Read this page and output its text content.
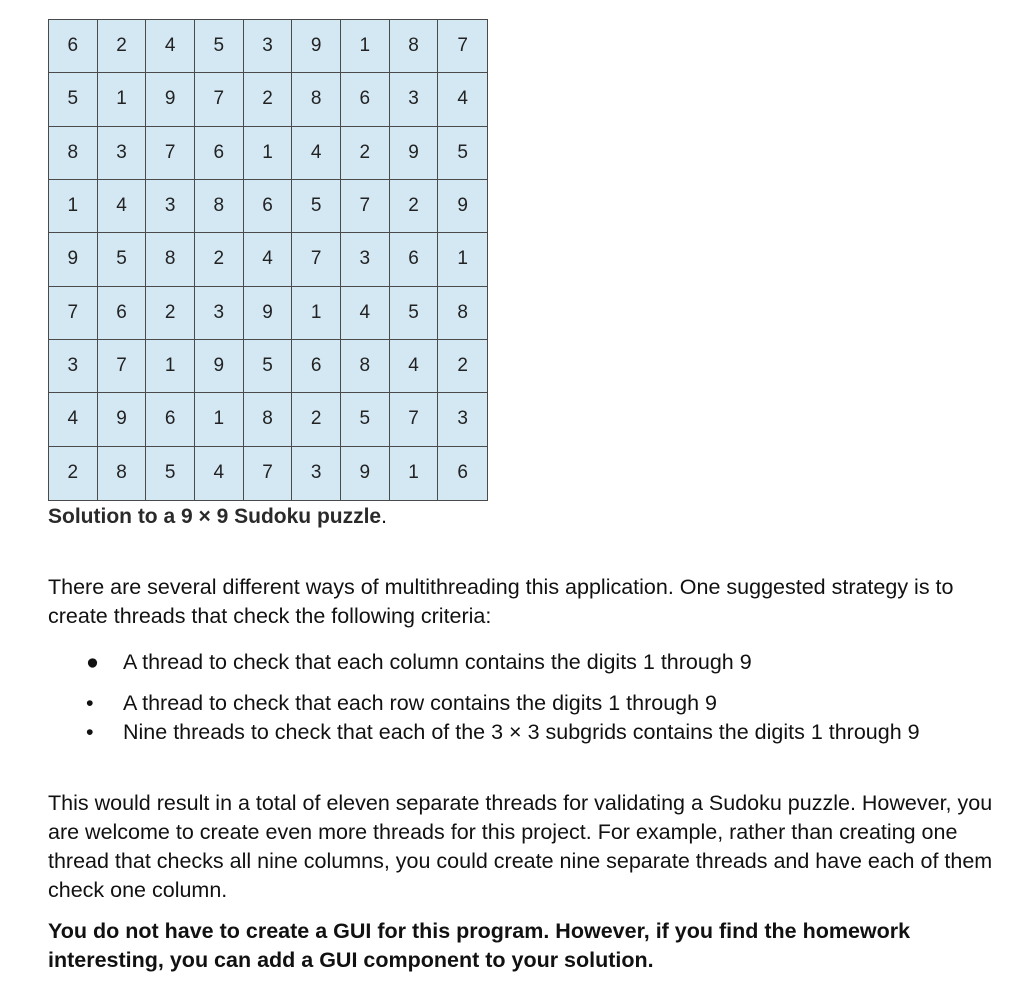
6	2	4	5	3	9	1	8	7
5	1	9	7	2	8	6	3	4
8	3	7	6	1	4	2	9	5
1	4	3	8	6	5	7	2	9
9	5	8	2	4	7	3	6	1
7	6	2	3	9	1	4	5	8
3	7	1	9	5	6	8	4	2
4	9	6	1	8	2	5	7	3
2	8	5	4	7	3	9	1	6
Solution to a 9 × 9 Sudoku puzzle.

There are several different ways of multithreading this application. One suggested strategy is to create threads that check the following criteria:

● A thread to check that each column contains the digits 1 through 9
• A thread to check that each row contains the digits 1 through 9
• Nine threads to check that each of the 3 × 3 subgrids contains the digits 1 through 9

This would result in a total of eleven separate threads for validating a Sudoku puzzle. However, you are welcome to create even more threads for this project. For example, rather than creating one thread that checks all nine columns, you could create nine separate threads and have each of them check one column.

You do not have to create a GUI for this program. However, if you find the homework interesting, you can add a GUI component to your solution.
